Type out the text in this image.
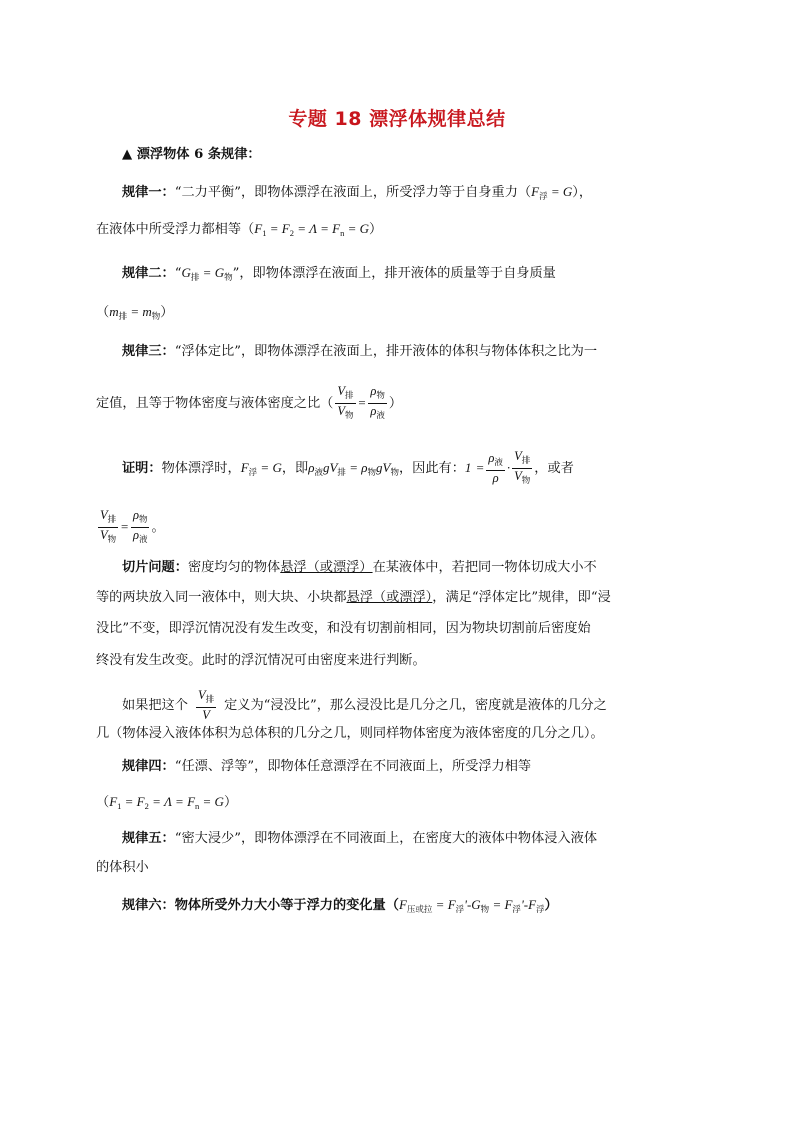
专题 18 漂浮体规律总结
▲ 漂浮物体 6 条规律：
规律一：“二力平衡”，即物体漂浮在液面上，所受浮力等于自身重力$(F_浮 = G)$，
在液体中所受浮力都相等$(F_1 = F_2 = \Lambda = F_n = G)$
规律二：“$G_排 = G_物$”，即物体漂浮在液面上，排开液体的质量等于自身质量
$(m_排 = m_物)$
规律三：“浮体定比”，即物体漂浮在液面上，排开液体的体积与物体体积之比为一
定值，且等于物体密度与液体密度之比（ $\frac{V_排}{V_物} = \frac{\rho_物}{\rho_液}$ ）
证明：物体漂浮时，$F_浮 = G$，即$\rho_液gV_排 = \rho_物gV_物$，因此有：$1 = \frac{\rho_液}{\rho} \cdot \frac{V_排}{V_物}$ ，或者
$\frac{V_排}{V_物} = \frac{\rho_物}{\rho_液}$ 。
切片问题：密度均匀的物体悬浮（或漂浮）在某液体中，若把同一物体切成大小不
等的两块放入同一液体中，则大块、小块都悬浮（或漂浮），满足“浮体定比”规律，即“浸
没比”不变，即浮沉情况没有发生改变，和没有切割前相同，因为物块切割前后密度始
终没有发生改变。此时的浮沉情况可由密度来进行判断。
如果把这个 $\frac{V_排}{V}$ 定义为“浸没比”，那么浸没比是几分之几，密度就是液体的几分之
几（物体浸入液体体积为总体积的几分之几，则同样物体密度为液体密度的几分之几）。
规律四：“任漂、浮等”，即物体任意漂浮在不同液面上，所受浮力相等
$(F_1 = F_2 = \Lambda = F_n = G)$
规律五：“密大浸少”，即物体漂浮在不同液面上，在密度大的液体中物体浸入液体
的体积小
规律六：物体所受外力大小等于浮力的变化量$(F_{压或拉} = F_浮'-G_物 = F_浮'-F_浮)$
